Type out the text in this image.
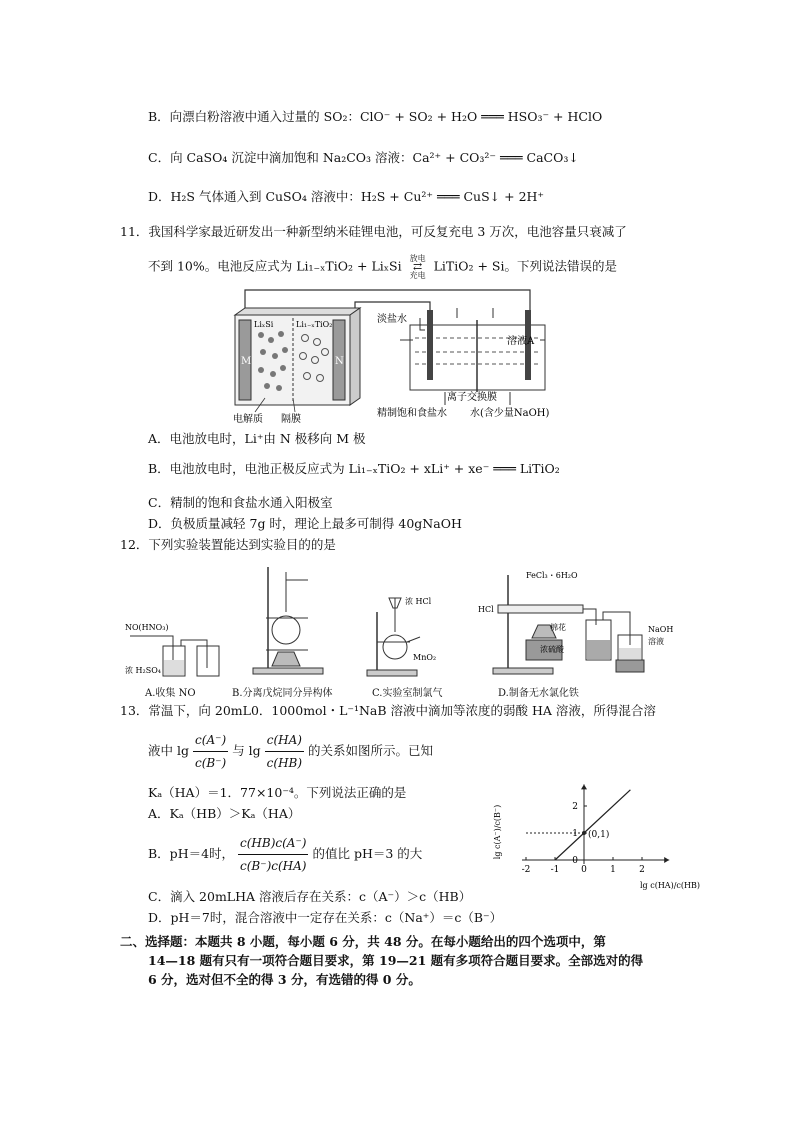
B．向漂白粉溶液中通入过量的 SO₂：ClO⁻ + SO₂ + H₂O ═══ HSO₃⁻ + HClO
C．向 CaSO₄ 沉淀中滴加饱和 Na₂CO₃ 溶液：Ca²⁺ + CO₃²⁻ ═══ CaCO₃↓
D．H₂S 气体通入到 CuSO₄ 溶液中：H₂S + Cu²⁺ ═══ CuS↓ + 2H⁺
11．我国科学家最近研发出一种新型纳米硅锂电池，可反复充电 3 万次，电池容量只衰减了
不到 10%。电池反应式为 Li₁₋ₓTiO₂ + LiₓSi 放电
⇄
充电
LiTiO₂ + Si。下列说法错误的是
LiₓSi	Li₁₋ₓTiO₂
M	N
电解质 隔膜
淡盐水
溶液A
离子交换膜
精制饱和食盐水 水(含少量NaOH)
A．电池放电时，Li⁺由 N 极移向 M 极
B．电池放电时，电池正极反应式为 Li₁₋ₓTiO₂ + xLi⁺ + xe⁻ ═══ LiTiO₂
C．精制的饱和食盐水通入阳极室
D．负极质量减轻 7g 时，理论上最多可制得 40gNaOH
12．下列实验装置能达到实验目的的是
NO(HNO₃)
浓 H₂SO₄
A.收集 NO	B.分离戊烷同分异构体
浓 HCl
MnO₂
C.实验室制氯气
FeCl₃・6H₂O
HCl
棉花
浓硫酸
NaOH
溶液
D.制备无水氯化铁
13．常温下，向 20mL0．1000mol・L⁻¹NaB 溶液中滴加等浓度的弱酸 HA 溶液，所得混合溶
液中 $\lg \frac{c(A^-)}{c(B^-)}$ 与 $\lg \frac{c(HA)}{c(HB)}$ 的关系如图所示。已知
Kₐ（HA）＝1．77×10⁻⁴。下列说法正确的是
A．Kₐ（HB）＞Kₐ（HA）
B．pH＝4时， $\frac{c(HB)c(A^-)}{c(B^-)c(HA)}$ 的值比 pH＝3 的大
C．滴入 20mLHA 溶液后存在关系：c（A⁻）＞c（HB）
D．pH＝7时，混合溶液中一定存在关系：c（Na⁺）＝c（B⁻）
-2 -1 0	1	2
0
1
2
(0,1)
lg c(A⁻)/c(B⁻)
lg c(HA)/c(HB)
二、选择题：本题共 8 小题，每小题 6 分，共 48 分。在每小题给出的四个选项中，第
14—18 题有只有一项符合题目要求，第 19—21 题有多项符合题目要求。全部选对的得
6 分，选对但不全的得 3 分，有选错的得 0 分。
